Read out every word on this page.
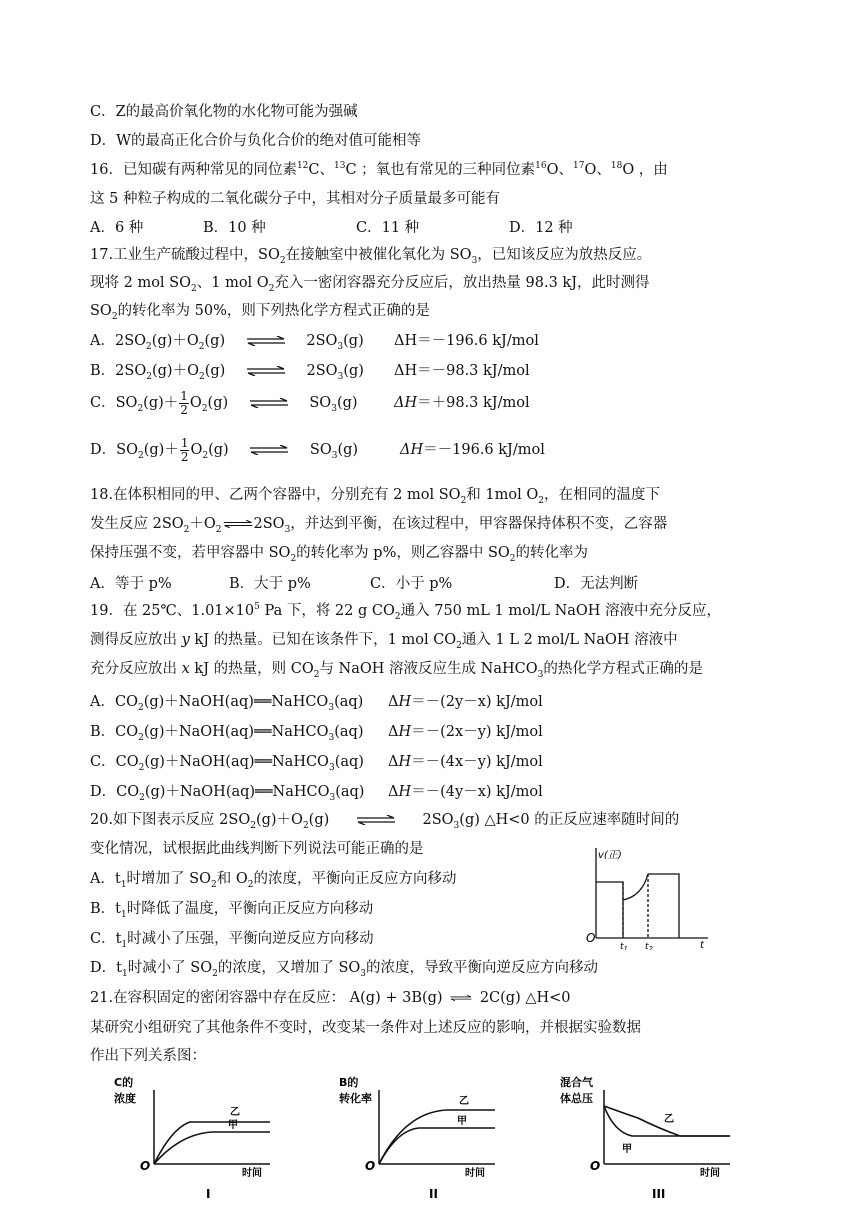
C．Z的最高价氧化物的水化物可能为强碱
D．W的最高正化合价与负化合价的绝对值可能相等
16．已知碳有两种常见的同位素$^{12}$C、$^{13}$C ；氧也有常见的三种同位素$^{16}$O、$^{17}$O、$^{18}$O ，由
这 5 种粒子构成的二氧化碳分子中，其相对分子质量最多可能有
A．6 种	B．10 种	C．11 种	D．12 种
17.工业生产硫酸过程中，$SO_2$在接触室中被催化氧化为 $SO_3$，已知该反应为放热反应。
现将 2 mol $SO_2$、1 mol $O_2$充入一密闭容器充分反应后，放出热量 98.3 kJ，此时测得
$SO_2$的转化率为 50%，则下列热化学方程式正确的是
A．$2SO_2(g)+O_2(g)$ ⇌ $2SO_3(g)$ ΔH＝－196.6 kJ/mol
B．$2SO_2(g)+O_2(g)$ ⇌ $2SO_3(g)$ ΔH＝－98.3 kJ/mol
C．$SO_2(g)+ \frac{1}{2} O_2(g)$ ⇌ $SO_3(g)$	ΔH＝＋98.3 kJ/mol
D．$SO_2(g)+ \frac{1}{2} O_2(g)$ ⇌ $SO_3(g)$	ΔH＝－196.6 kJ/mol
18.在体积相同的甲、乙两个容器中，分别充有 2 mol $SO_2$和 1mol $O_2$，在相同的温度下
发生反应 $2SO_2+O_2$ $\rightleftharpoons 2SO_3$，并达到平衡，在该过程中，甲容器保持体积不变，乙容器
保持压强不变，若甲容器中 $SO_2$的转化率为 p%，则乙容器中 $SO_2$的转化率为
A．等于 p%	B．大于 p%	C．小于 p%	D．无法判断
19．在 25℃、$1.01\times 10^5$ Pa 下，将 22 g $CO_2$通入 750 mL 1 mol/L NaOH 溶液中充分反应，
测得反应放出 y kJ 的热量。已知在该条件下，1 mol $CO_2$通入 1 L 2 mol/L NaOH 溶液中
充分反应放出 x kJ 的热量，则 $CO_2$与 NaOH 溶液反应生成 NaHCO$_3$的热化学方程式正确的是
A．$CO_2(g)+NaOH(aq)══NaHCO_3(aq)$ ΔH＝－(2y－x) kJ/mol
B．$CO_2(g)+NaOH(aq)══NaHCO_3(aq)$ ΔH＝－(2x－y) kJ/mol
C．$CO_2(g)+NaOH(aq)══NaHCO_3(aq)$ ΔH＝－(4x－y) kJ/mol
D．$CO_2(g)+NaOH(aq)══NaHCO_3(aq)$ ΔH＝－(4y－x) kJ/mol
20.如下图表示反应 $2SO_2(g)+O_2(g)$	$2SO_3(g)$ △H<0 的正反应速率随时间的
变化情况，试根据此曲线判断下列说法可能正确的是
A．$t_1$时增加了 $SO_2$和 $O_2$的浓度，平衡向正反应方向移动
B．$t_1$时降低了温度，平衡向正反应方向移动
C．$t_1$时减小了压强，平衡向逆反应方向移动
D．$t_1$时减小了 $SO_2$的浓度，又增加了 $SO_3$的浓度，导致平衡向逆反应方向移动
v(正)
O
$t_1$ $t_2$	t
21.在容积固定的密闭容器中存在反应： A(g) + 3B(g) ⇌ 2C(g) △H<0
某研究小组研究了其他条件不变时，改变某一条件对上述反应的影响，并根据实验数据
作出下列关系图：
C的
浓度
O
时间
乙
甲
I
B的
转化率
O
时间
乙
甲
II
混合气
体总压
O
时间
乙
甲
III
